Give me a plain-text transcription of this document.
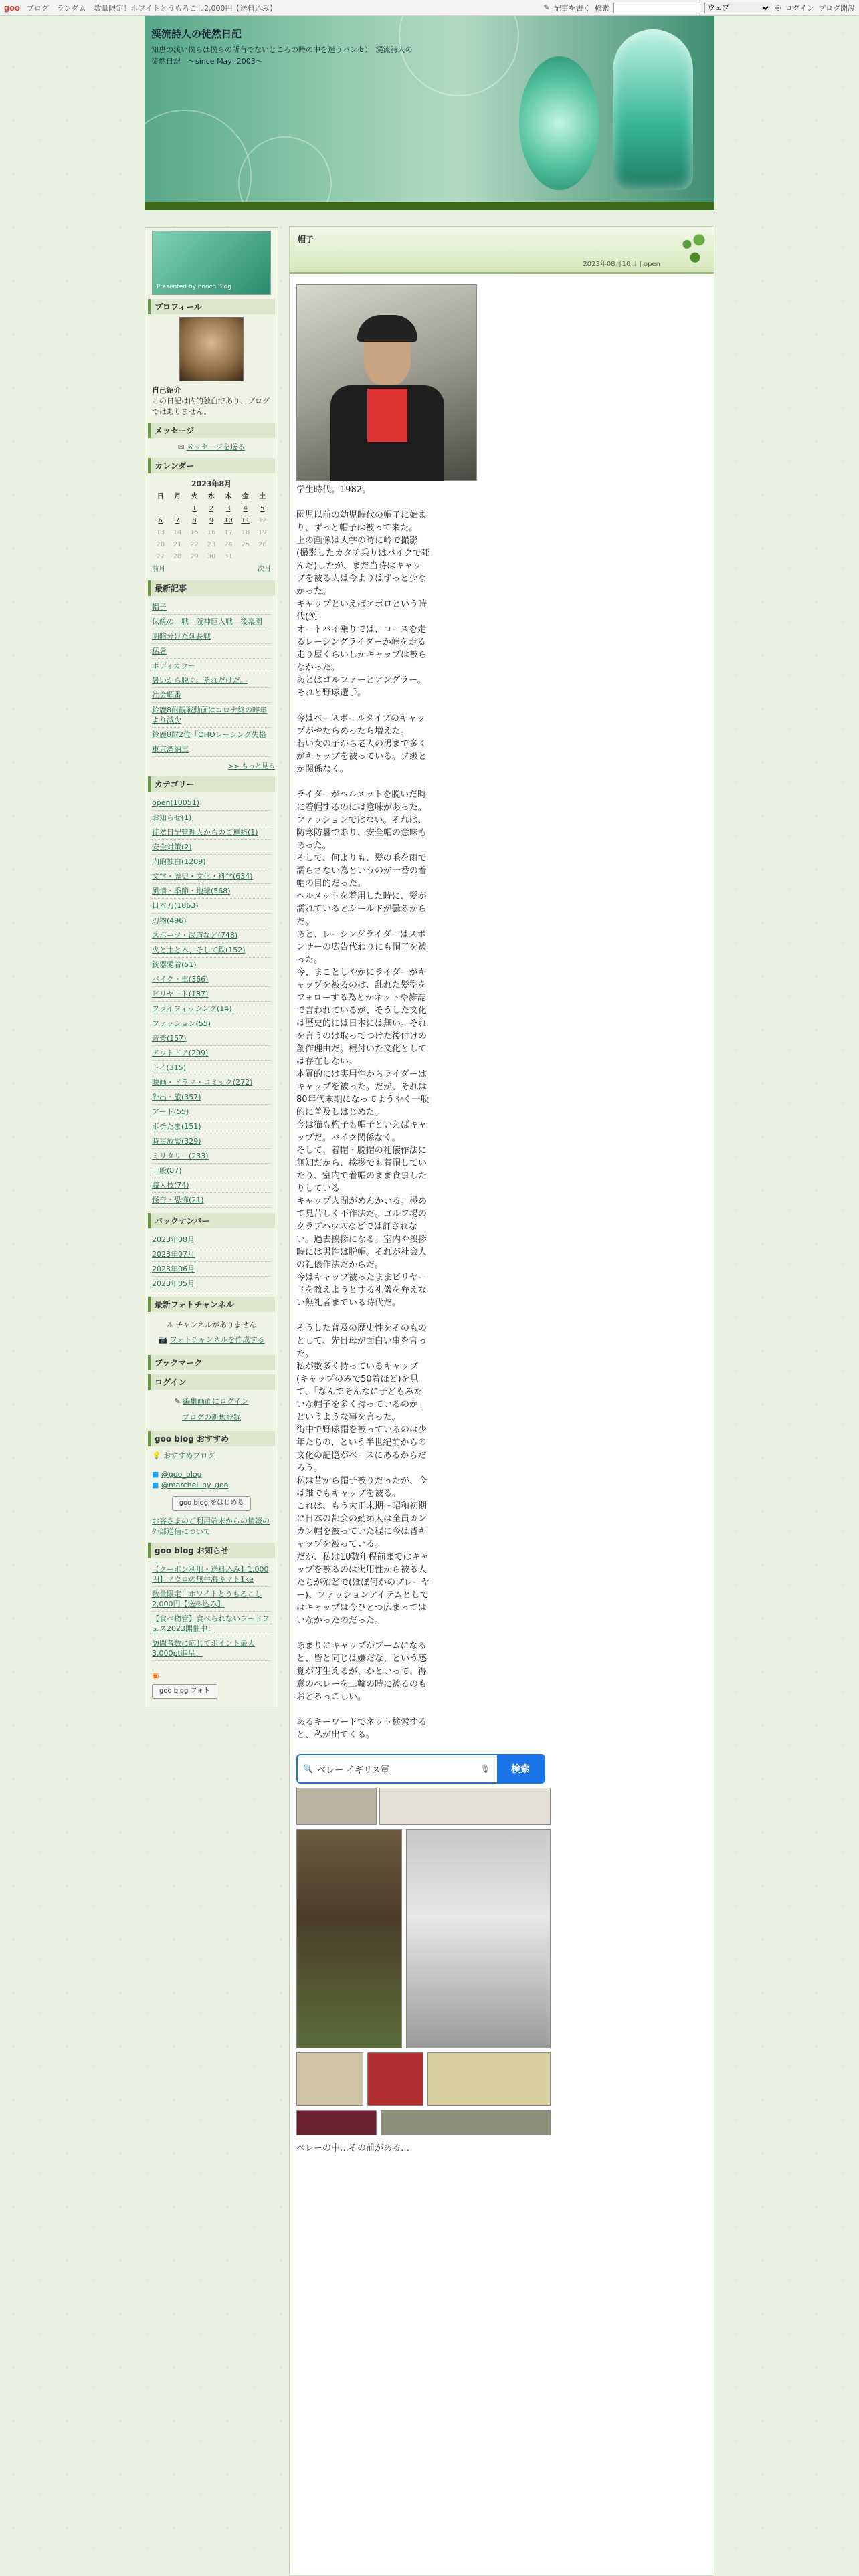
goo ブログ ランダム 数量限定！ホワイトとうもろこし2,000円【送料込み】	✎ 記事を書く 検索
ウェブ	⎆ ログイン ブログ開設
渓流詩人の徒然日記
知恵の浅い僕らは僕らの所有でないところの時の中を迷うパンセ）　渓流詩人の徒然日記　〜since May, 2003〜
Presented by hooch Blog
プロフィール
自己紹介
この日記は内的独白であり、ブログではありません。
メッセージ
✉ メッセージを送る
カレンダー
2023年8月
日	月	火	水	木	金	土
		1	2	3	4	5
6	7	8	9	10	11	12
13	14	15	16	17	18	19
20	21	22	23	24	25	26
27	28	29	30	31		
前月	次月
最新記事
帽子
伝統の一戦　阪神巨人戦　後楽園
明暗分けた延長戦
猛暑
ボディカラー
暑いから脱ぐ。それだけだ。
社会順番
鈴鹿8耐観戦動画はコロナ終の昨年より減少
鈴鹿8耐2位「OHOレーシング失格
東京湾納車
>> もっと見る
カテゴリー
open(10051)
お知らせ(1)
徒然日記管理人からのご連絡(1)
安全対策(2)
内的独白(1209)
文学・歴史・文化・科学(634)
風情・季節・地球(568)
日本刀(1063)
刃物(496)
スポーツ・武道など(748)
火と土と木、そして鉄(152)
銃器愛着(51)
バイク・車(366)
ビリヤード(187)
フライフィッシング(14)
ファッション(55)
音楽(157)
アウトドア(209)
トイ(315)
映画・ドラマ・コミック(272)
外出・旅(357)
アート(55)
ボチたま(151)
時事放談(329)
ミリタリー(233)
一般(87)
職人技(74)
怪奇・恐怖(21)
バックナンバー
2023年08月
2023年07月
2023年06月
2023年05月
最新フォトチャンネル
⚠ チャンネルがありません
📷 フォトチャンネルを作成する
ブックマーク
ログイン
✎ 編集画面にログイン
ブログの新規登録
goo blog おすすめ
💡 おすすめブログ
■ @goo_blog
■ @marchel_by_goo
goo blog をはじめる
お客さまのご利用端末からの情報の外部送信について
goo blog お知らせ
【クーポン利用・送料込み】1,000円】マウロの無牛海キマト1ke
数量限定！ホワイトとうもろこし2,000円【送料込み】
【食べ物管】食べられないフードフェス2023開催中！
訪問者数に応じてポイント最大3,000pt進呈！
▣
goo blog フォト
帽子
2023年08月10日 | open
学生時代。1982。

園児以前の幼児時代の帽子に始まり、ずっと帽子は被って来た。
上の画像は大学の時に岭で撮影(撮影したカタチ乗りはバイクで死んだ)したが、まだ当時はキャップを被る人は今よりはずっと少なかった。
キャップといえばアポロという時代(笑
オートバイ乗りでは、コースを走るレーシングライダーか峠を走る走り屋くらいしかキャップは被らなかった。
あとはゴルファーとアングラー。それと野球選手。

今はベースボールタイプのキャップがやたらめったら増えた。
若い女の子から老人の男まで多くがキャップを被っている。プ級とか関係なく。

ライダーがヘルメットを脱いだ時に着帽するのには意味があった。ファッションではない。それは、防寒防暑であり、安全帽の意味もあった。
そして、何よりも、髪の毛を雨で濡らさない為というのが一番の着帽の目的だった。
ヘルメットを着用した時に、髪が濡れているとシールドが曇るからだ。
あと、レーシングライダーはスポンサーの広告代わりにも帽子を被った。
今、まことしやかにライダーがキャップを被るのは、乱れた髪型をフォローする為とかネットや雑誌で言われているが、そうした文化は歴史的には日本には無い。それを言うのは取ってつけた後付けの創作理由だ。根付いた文化としては存在しない。
本質的には実用性からライダーはキャップを被った。だが、それは80年代末期になってようやく一般的に普及しはじめた。
今は猫も杓子も帽子といえばキャップだ。バイク関係なく。
そして、着帽・脱帽の礼儀作法に無知だから、挨拶でも着帽していたり、室内で着帽のまま食事したりしている
キャップ人間がめんかいる。極めて見苦しく不作法だ。ゴルフ場のクラブハウスなどでは許されない。過去挨拶になる。室内や挨拶時には男性は脱帽。それが社会人の礼儀作法だからだ。
今はキャップ被ったままビリヤードを教えようとする礼儀を弁えない無礼者までいる時代だ。

そうした普及の歴史性をそのものとして、先日母が面白い事を言った。
私が数多く持っているキャップ(キャップのみで50着ほど)を見て、「なんでそんなに子どもみたいな帽子を多く持っているのか」というような事を言った。
街中で野球帽を被っているのは少年たちの、という半世紀前からの文化の記憶がベースにあるからだろう。
私は昔から帽子被りだったが、今は誰でもキャップを被る。
これは、もう大正末期〜昭和初期に日本の都会の勤め人は全員カンカン帽を被っていた程に今は皆キャップを被っている。
だが、私は10数年程前まではキャップを被るのは実用性から被る人たちが殆どで(ほぼ何かのプレーヤー)、ファッションアイテムとしてはキャップは今ひとつ広まってはいなかったのだった。

あまりにキャップがブームになると、皆と同じは嫌だな、という感覚が芽生えるが、かといって、得意のベレーを二輪の時に被るのもおどろっこしい。

あるキーワードでネット検索すると、私が出てくる。

🔍 ベレー イギリス軍	🎙	検索
ベレーの中…その前がある…
